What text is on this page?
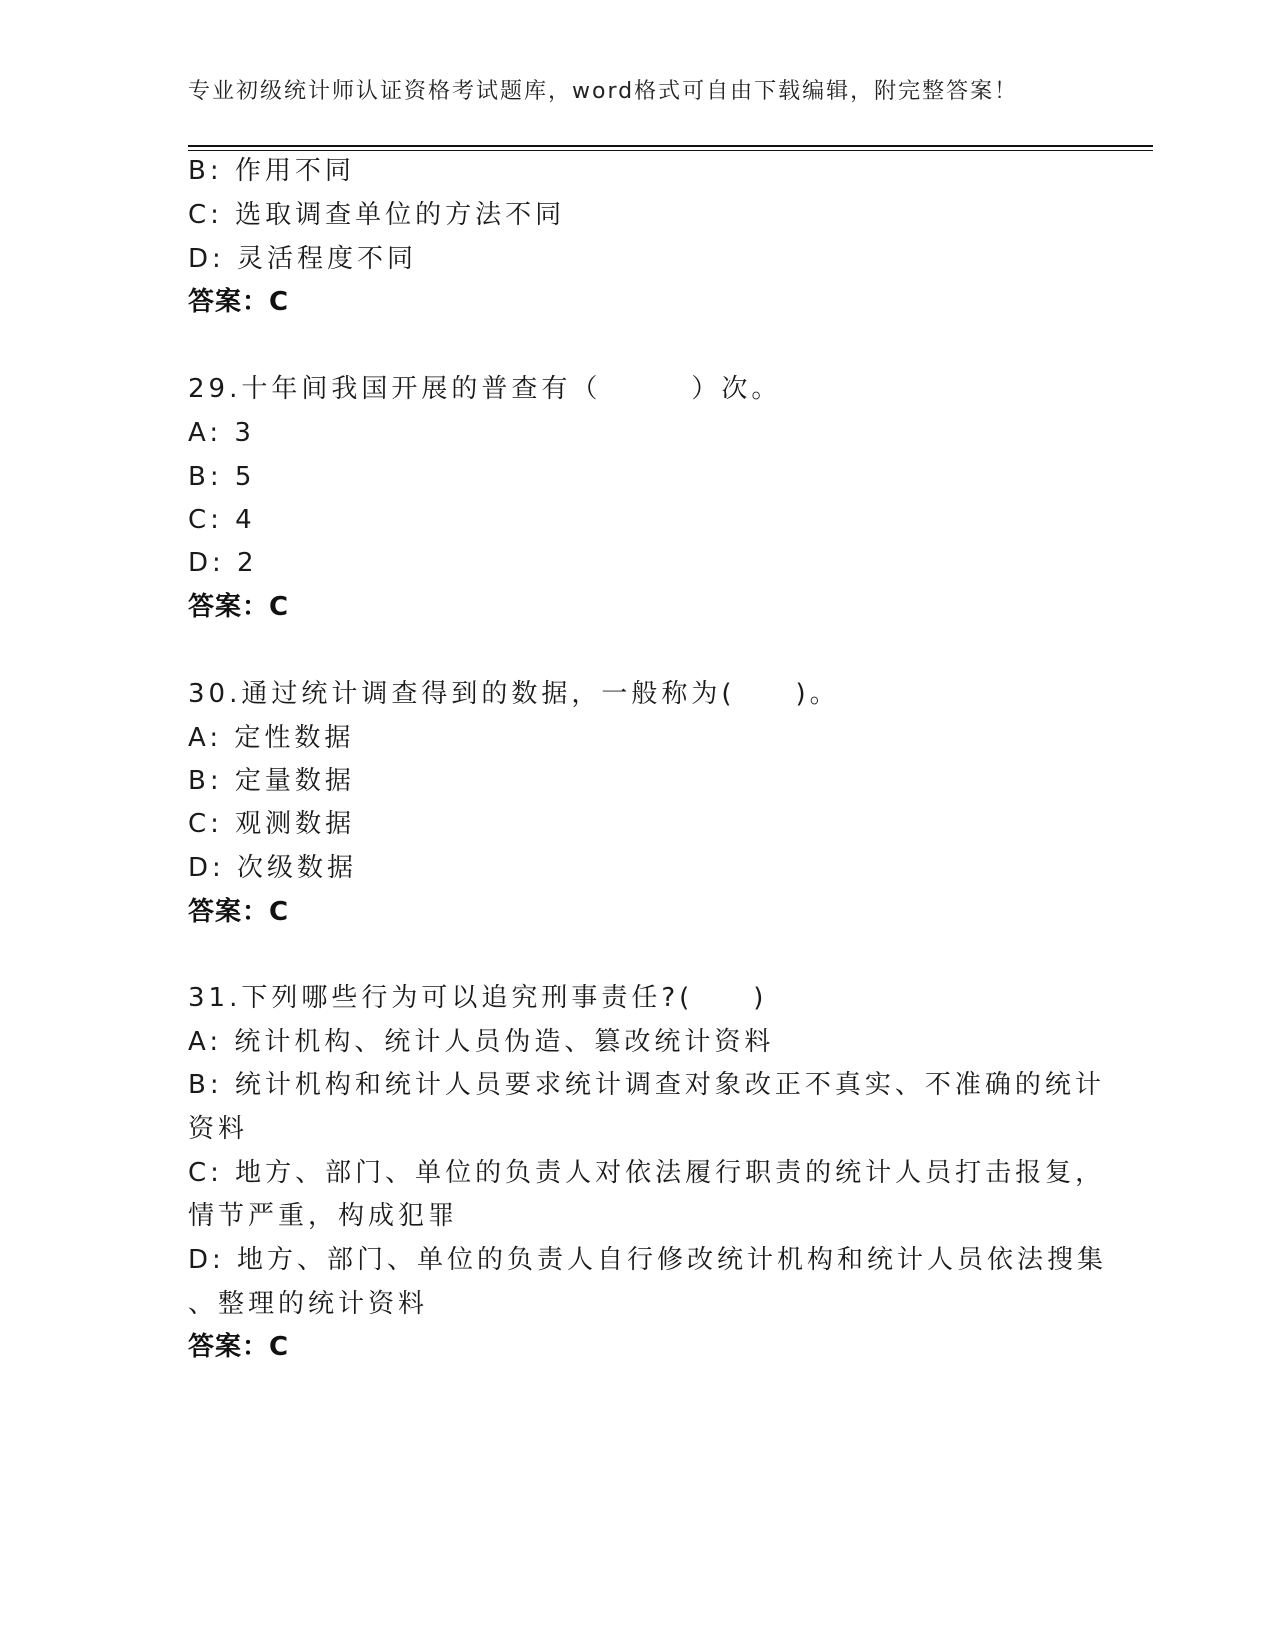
专业初级统计师认证资格考试题库，word格式可自由下载编辑，附完整答案！
B: 作用不同
C: 选取调查单位的方法不同
D: 灵活程度不同
答案：C
29.十年间我国开展的普查有（　　　）次。
A: 3
B: 5
C: 4
D: 2
答案：C
30.通过统计调查得到的数据，一般称为(　　)。
A: 定性数据
B: 定量数据
C: 观测数据
D: 次级数据
答案：C
31.下列哪些行为可以追究刑事责任?(　　)
A: 统计机构、统计人员伪造、篡改统计资料
B: 统计机构和统计人员要求统计调查对象改正不真实、不准确的统计
资料
C: 地方、部门、单位的负责人对依法履行职责的统计人员打击报复，
情节严重，构成犯罪
D: 地方、部门、单位的负责人自行修改统计机构和统计人员依法搜集
、整理的统计资料
答案：C
